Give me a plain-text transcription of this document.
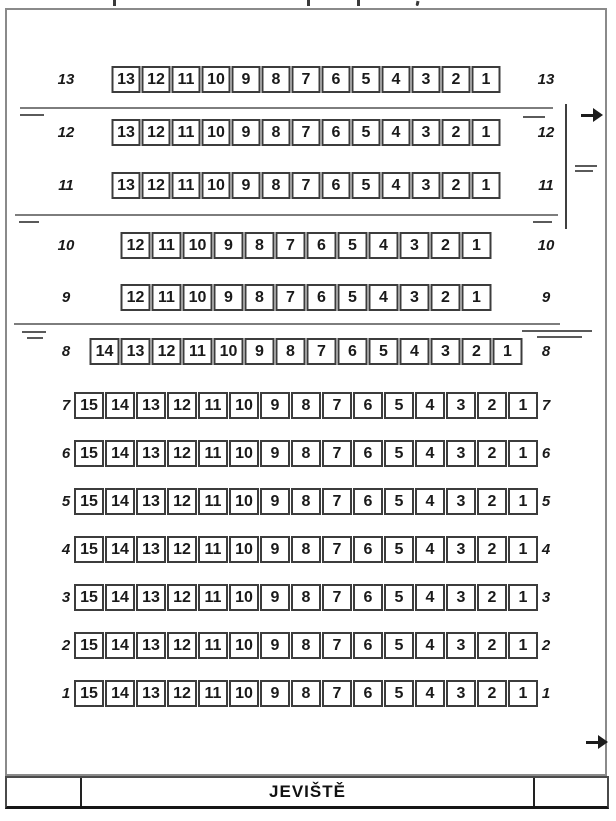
13	13 12 11 10	9	8	7	6	5	4	3	2	1	13
12	13 12 11 10	9	8	7	6	5	4	3	2	1	12
11	13 12 11 10	9	8	7	6	5	4	3	2	1	11
10	12 11 10	9	8	7	6	5	4	3	2	1	10
9	12 11 10	9	8	7	6	5	4	3	2	1	9
8	14 13 12 11 10	9	8	7	6	5	4	3	2	1	8
7 15 14 13 12 11 10	9	8	7	6	5	4	3	2	1 7
6 15 14 13 12 11 10	9	8	7	6	5	4	3	2	1 6
5 15 14 13 12 11 10	9	8	7	6	5	4	3	2	1 5
4 15 14 13 12 11 10	9	8	7	6	5	4	3	2	1 4
3 15 14 13 12 11 10	9	8	7	6	5	4	3	2	1 3
2 15 14 13 12 11 10	9	8	7	6	5	4	3	2	1 2
1 15 14 13 12 11 10	9	8	7	6	5	4	3	2	1 1
JEVIŠTĚ
